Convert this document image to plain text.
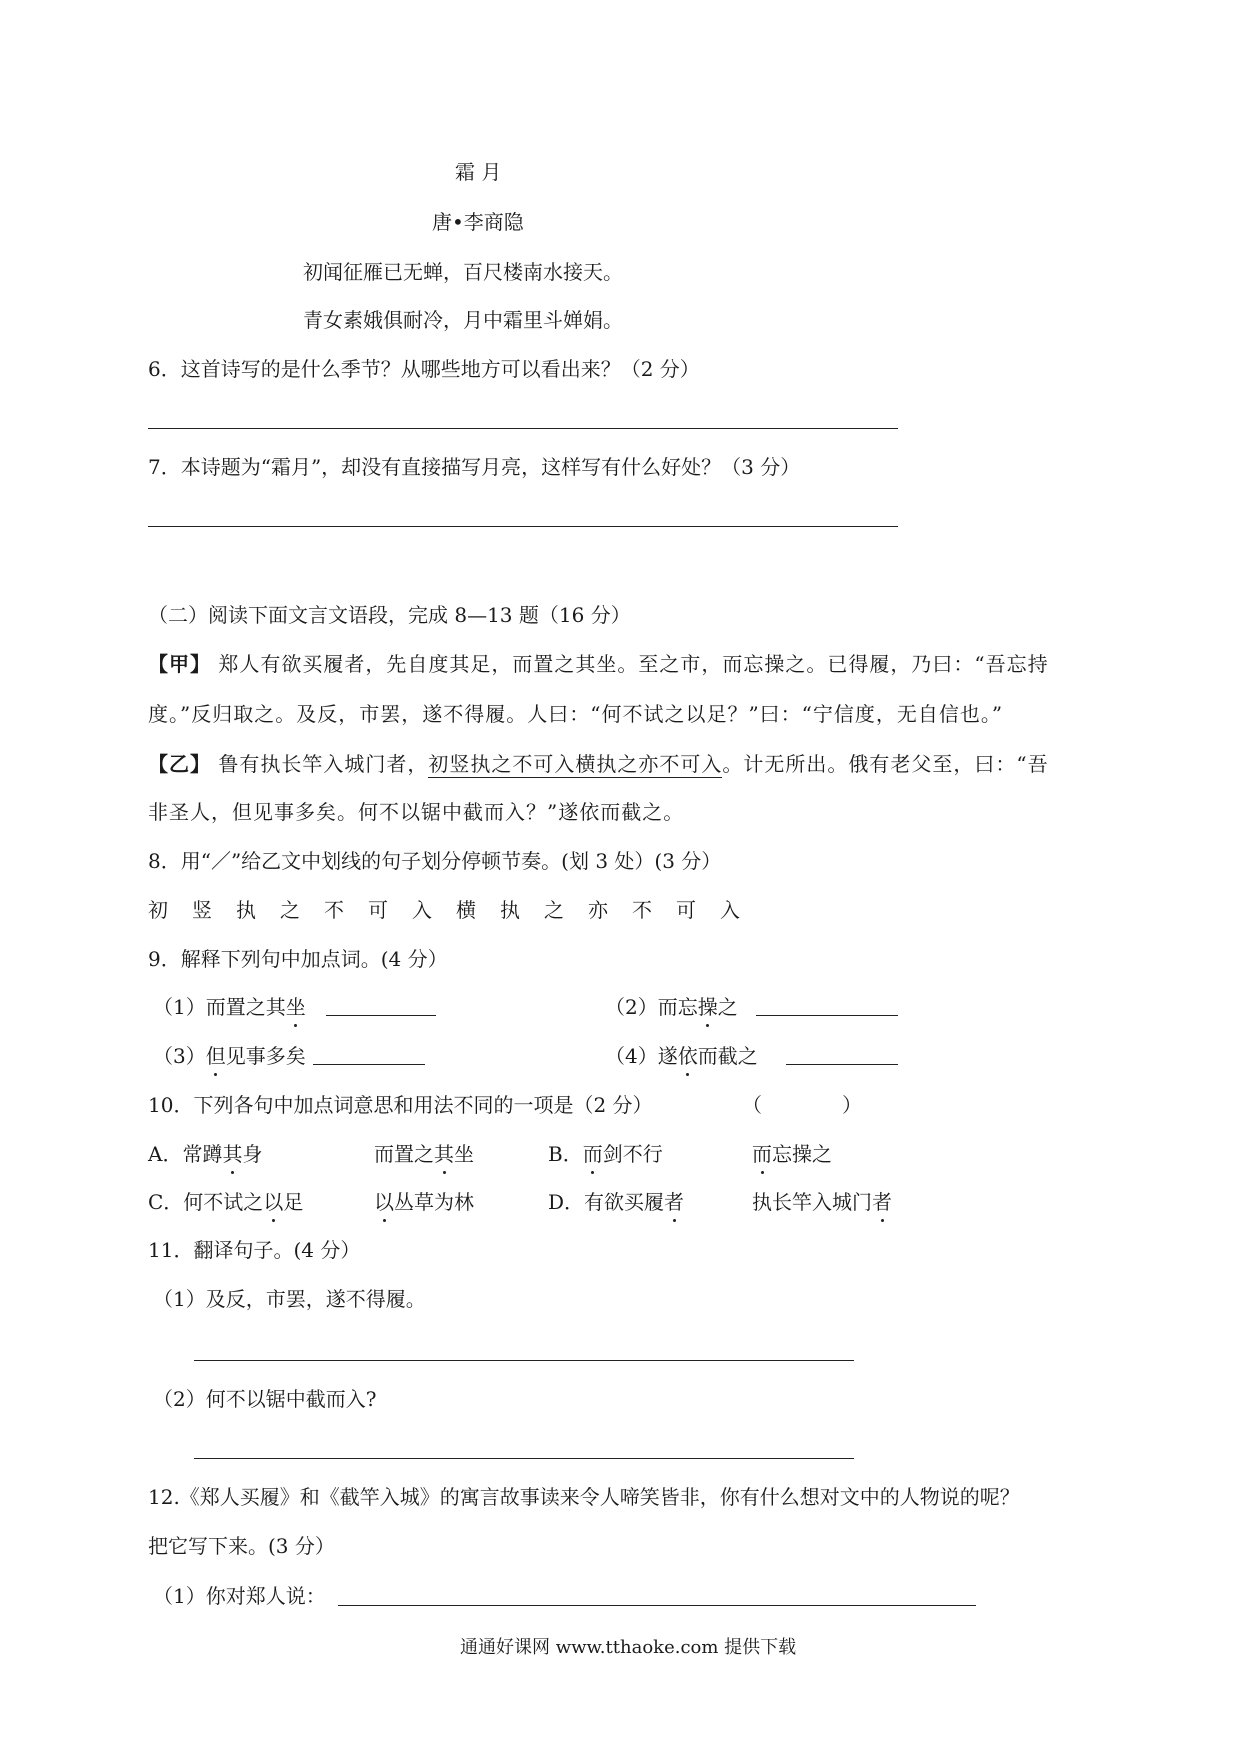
霜 月
唐•李商隐
初闻征雁已无蝉，百尺楼南水接天。
青女素娥俱耐冷，月中霜里斗婵娟。
6．这首诗写的是什么季节？从哪些地方可以看出来？（2 分）
7．本诗题为“霜月”，却没有直接描写月亮，这样写有什么好处？（3 分）
（二）阅读下面文言文语段，完成 8—13 题（16 分）
【甲】 郑人有欲买履者，先自度其足，而置之其坐。至之市，而忘操之。已得履，乃曰：“吾忘持
度。”反归取之。及反，市罢，遂不得履。人曰：“何不试之以足？”曰：“宁信度，无自信也。”
【乙】 鲁有执长竿入城门者，初竖执之不可入横执之亦不可入。计无所出。俄有老父至，曰：“吾
非圣人，但见事多矣。何不以锯中截而入？”遂依而截之。
8．用“／”给乙文中划线的句子划分停顿节奏。(划 3 处）(3 分）
初 竖 执 之 不 可 入 横 执 之 亦 不 可 入
9．解释下列句中加点词。(4 分）
（1）而置之其坐	（2）而忘操之
（3）但见事多矣	（4）遂依而截之
10．下列各句中加点词意思和用法不同的一项是（2 分）	（　　　　）
A．常蹲其身	而置之其坐	B．而剑不行	而忘操之
C．何不试之以足	以丛草为林	D．有欲买履者	执长竿入城门者
11．翻译句子。(4 分）
（1）及反，市罢，遂不得履。
（2）何不以锯中截而入?
12.《郑人买履》和《截竿入城》的寓言故事读来令人啼笑皆非，你有什么想对文中的人物说的呢？
把它写下来。(3 分）
（1）你对郑人说：
通通好课网 www.tthaoke.com 提供下载
